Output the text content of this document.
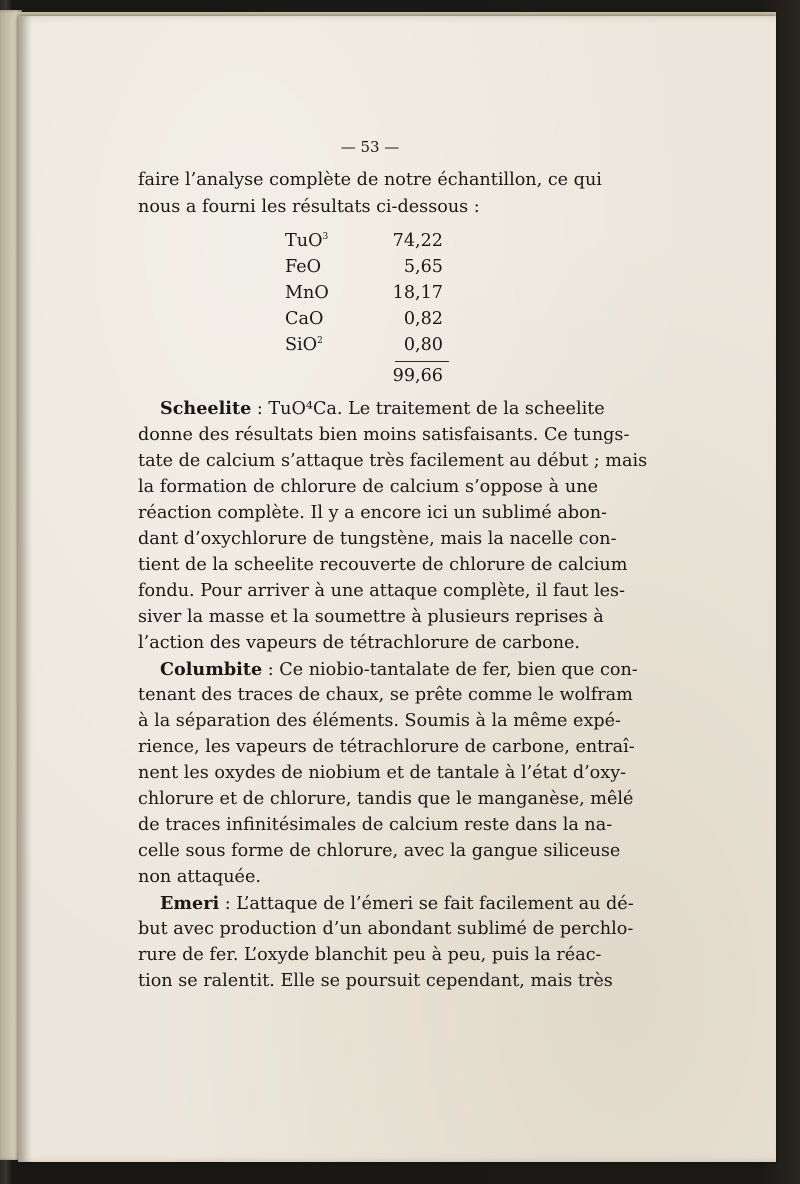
— 53 —
faire l’analyse complète de notre échantillon, ce qui
nous a fourni les résultats ci-dessous :
TuO$^3$	74,22
FeO	5,65
MnO	18,17
CaO	0,82
SiO$^2$	0,80
99,66
Scheelite : TuO⁴Ca. Le traitement de la scheelite
donne des résultats bien moins satisfaisants. Ce tungs-
tate de calcium s’attaque très facilement au début ; mais
la formation de chlorure de calcium s’oppose à une
réaction complète. Il y a encore ici un sublimé abon-
dant d’oxychlorure de tungstène, mais la nacelle con-
tient de la scheelite recouverte de chlorure de calcium
fondu. Pour arriver à une attaque complète, il faut les-
siver la masse et la soumettre à plusieurs reprises à
l’action des vapeurs de tétrachlorure de carbone.
Columbite : Ce niobio-tantalate de fer, bien que con-
tenant des traces de chaux, se prête comme le wolfram
à la séparation des éléments. Soumis à la même expé-
rience, les vapeurs de tétrachlorure de carbone, entraî-
nent les oxydes de niobium et de tantale à l’état d’oxy-
chlorure et de chlorure, tandis que le manganèse, mêlé
de traces infinitésimales de calcium reste dans la na-
celle sous forme de chlorure, avec la gangue siliceuse
non attaquée.
Emeri : L’attaque de l’émeri se fait facilement au dé-
but avec production d’un abondant sublimé de perchlo-
rure de fer. L’oxyde blanchit peu à peu, puis la réac-
tion se ralentit. Elle se poursuit cependant, mais très
